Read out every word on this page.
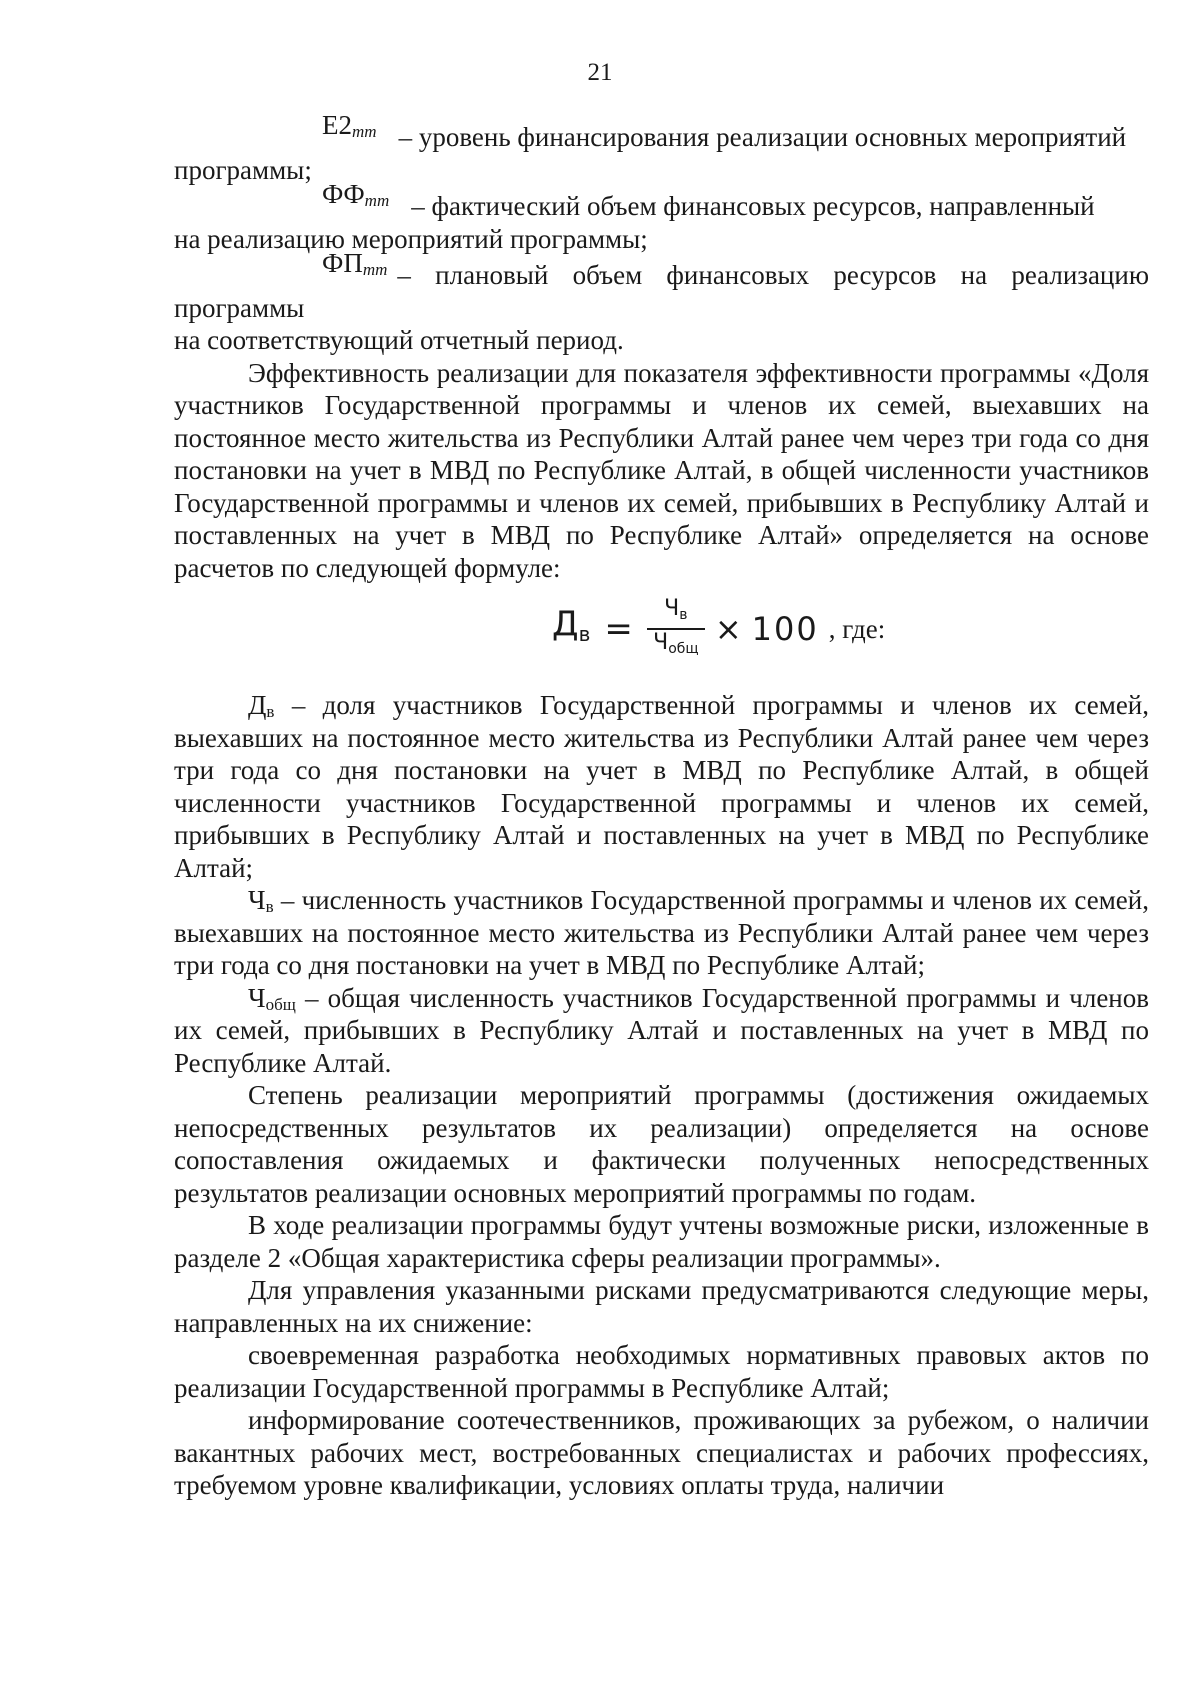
21

$Е2_{mm}$ – уровень финансирования реализации основных мероприятий

программы;

$ФФ_{mm}$ – фактический объем финансовых ресурсов, направленный

на реализацию мероприятий программы;

$ФП_{mm}$ – плановый объем финансовых ресурсов на реализацию программы

на соответствующий отчетный период.

Эффективность реализации для показателя эффективности программы «Доля участников Государственной программы и членов их семей, выехавших на постоянное место жительства из Республики Алтай ранее чем через три года со дня постановки на учет в МВД по Республике Алтай, в общей численности участников Государственной программы и членов их семей, прибывших в Республику Алтай и поставленных на учет в МВД по Республике Алтай» определяется на основе расчетов по следующей формуле:

$Д_в = \frac{Ч_в}{Ч_{общ}} \times 100$ , где:

$Д_в$ – доля участников Государственной программы и членов их семей, выехавших на постоянное место жительства из Республики Алтай ранее чем через три года со дня постановки на учет в МВД по Республике Алтай, в общей численности участников Государственной программы и членов их семей, прибывших в Республику Алтай и поставленных на учет в МВД по Республике Алтай;

$Ч_в$ – численность участников Государственной программы и членов их семей, выехавших на постоянное место жительства из Республики Алтай ранее чем через три года со дня постановки на учет в МВД по Республике Алтай;

$Ч_{общ}$ – общая численность участников Государственной программы и членов их семей, прибывших в Республику Алтай и поставленных на учет в МВД по Республике Алтай.

Степень реализации мероприятий программы (достижения ожидаемых непосредственных результатов их реализации) определяется на основе сопоставления ожидаемых и фактически полученных непосредственных результатов реализации основных мероприятий программы по годам.

В ходе реализации программы будут учтены возможные риски, изложенные в разделе 2 «Общая характеристика сферы реализации программы».

Для управления указанными рисками предусматриваются следующие меры, направленных на их снижение:

своевременная разработка необходимых нормативных правовых актов по реализации Государственной программы в Республике Алтай;

информирование соотечественников, проживающих за рубежом, о наличии вакантных рабочих мест, востребованных специалистах и рабочих профессиях, требуемом уровне квалификации, условиях оплаты труда, наличии
